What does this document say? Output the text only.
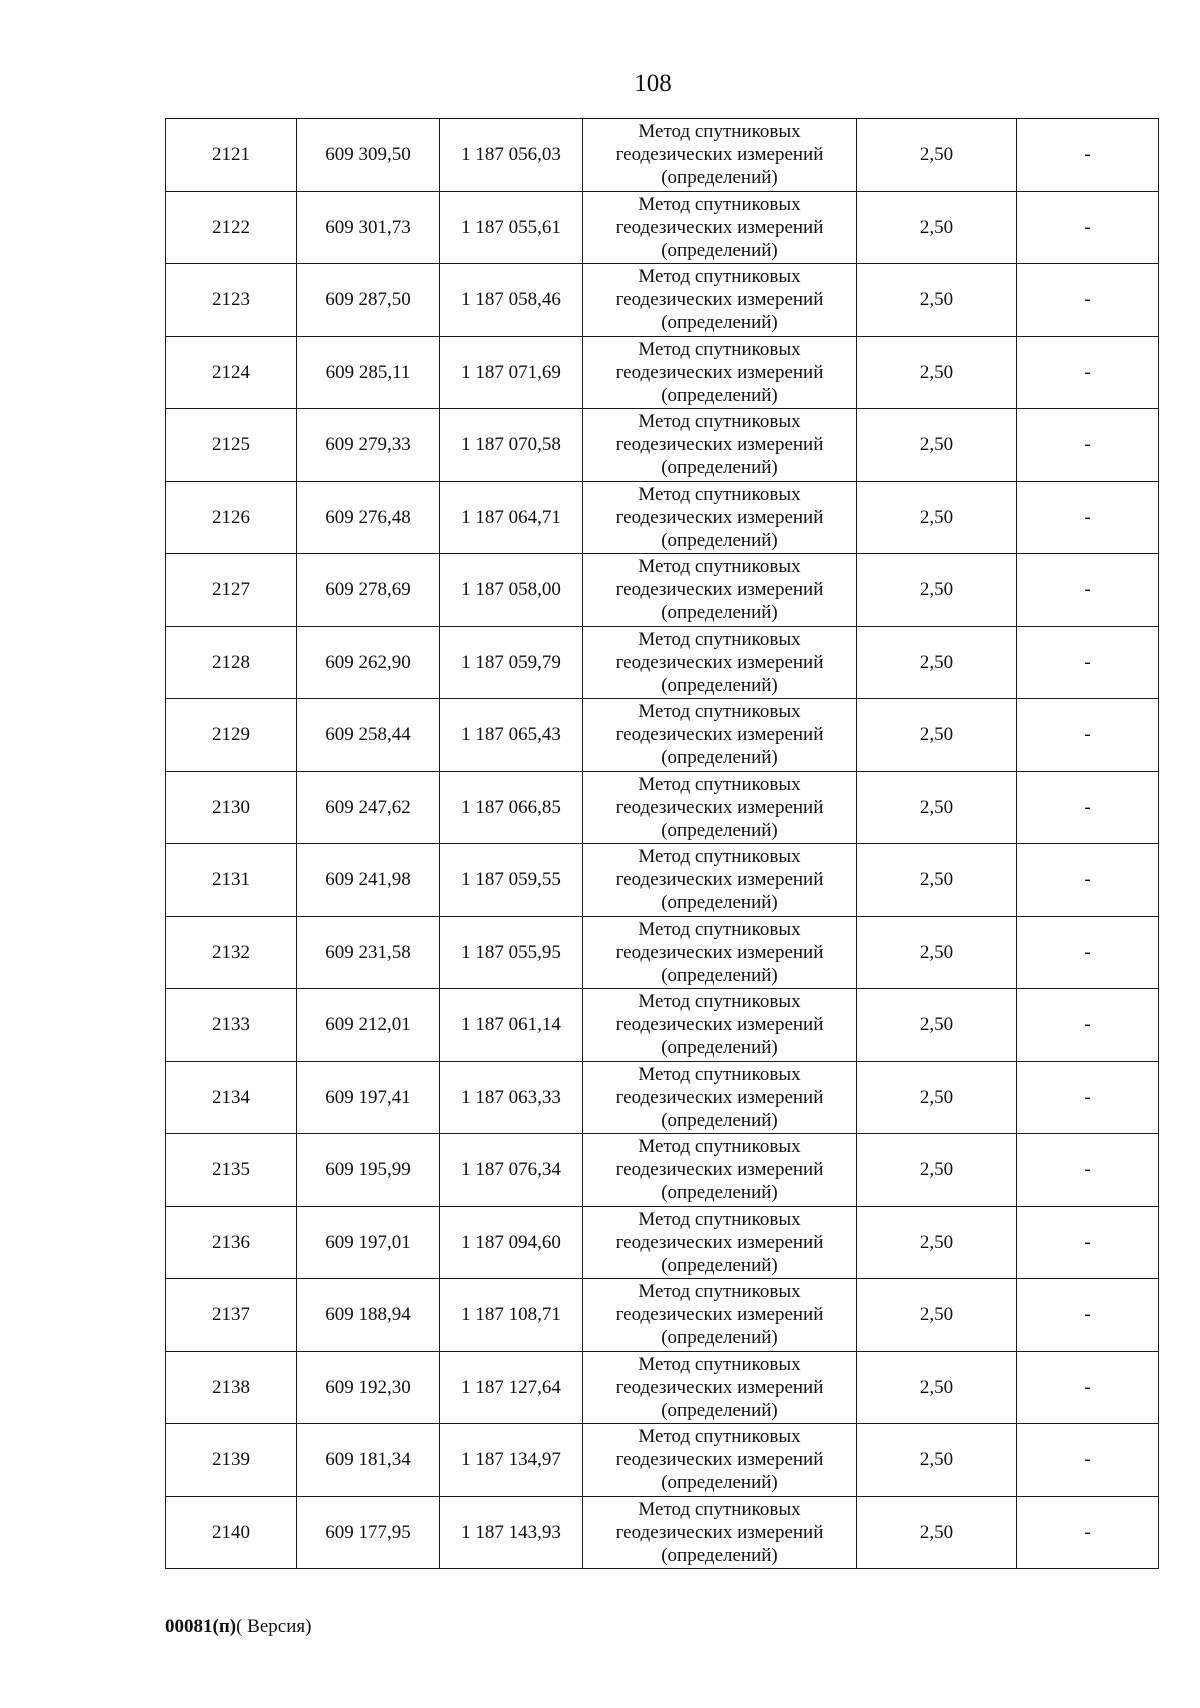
108
2121	609 309,50	1 187 056,03	Метод спутниковых
геодезических измерений
(определений)	2,50	-
2122	609 301,73	1 187 055,61	Метод спутниковых
геодезических измерений
(определений)	2,50	-
2123	609 287,50	1 187 058,46	Метод спутниковых
геодезических измерений
(определений)	2,50	-
2124	609 285,11	1 187 071,69	Метод спутниковых
геодезических измерений
(определений)	2,50	-
2125	609 279,33	1 187 070,58	Метод спутниковых
геодезических измерений
(определений)	2,50	-
2126	609 276,48	1 187 064,71	Метод спутниковых
геодезических измерений
(определений)	2,50	-
2127	609 278,69	1 187 058,00	Метод спутниковых
геодезических измерений
(определений)	2,50	-
2128	609 262,90	1 187 059,79	Метод спутниковых
геодезических измерений
(определений)	2,50	-
2129	609 258,44	1 187 065,43	Метод спутниковых
геодезических измерений
(определений)	2,50	-
2130	609 247,62	1 187 066,85	Метод спутниковых
геодезических измерений
(определений)	2,50	-
2131	609 241,98	1 187 059,55	Метод спутниковых
геодезических измерений
(определений)	2,50	-
2132	609 231,58	1 187 055,95	Метод спутниковых
геодезических измерений
(определений)	2,50	-
2133	609 212,01	1 187 061,14	Метод спутниковых
геодезических измерений
(определений)	2,50	-
2134	609 197,41	1 187 063,33	Метод спутниковых
геодезических измерений
(определений)	2,50	-
2135	609 195,99	1 187 076,34	Метод спутниковых
геодезических измерений
(определений)	2,50	-
2136	609 197,01	1 187 094,60	Метод спутниковых
геодезических измерений
(определений)	2,50	-
2137	609 188,94	1 187 108,71	Метод спутниковых
геодезических измерений
(определений)	2,50	-
2138	609 192,30	1 187 127,64	Метод спутниковых
геодезических измерений
(определений)	2,50	-
2139	609 181,34	1 187 134,97	Метод спутниковых
геодезических измерений
(определений)	2,50	-
2140	609 177,95	1 187 143,93	Метод спутниковых
геодезических измерений
(определений)	2,50	-
00081(п)( Версия)
